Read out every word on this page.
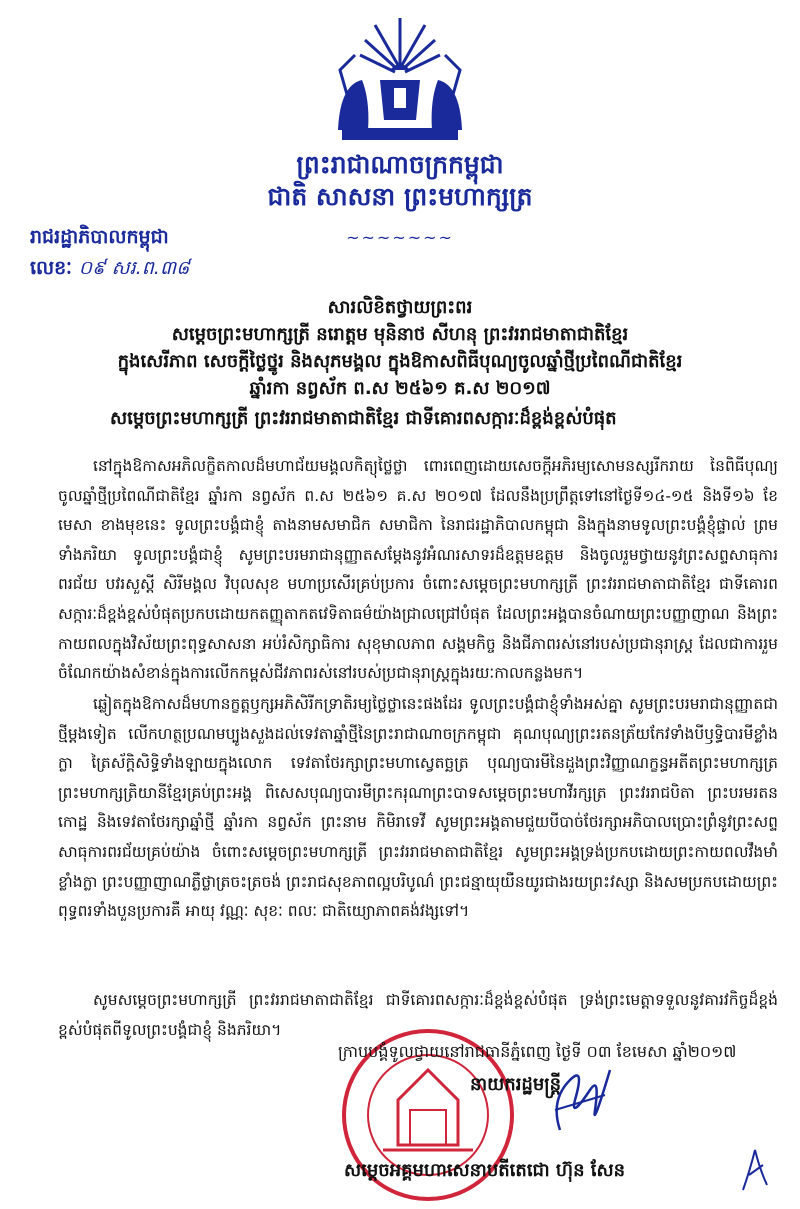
ព្រះរាជាណាចក្រកម្ពុជា
ជាតិ សាសនា ព្រះមហាក្សត្រ
~~~~~~~
រាជរដ្ឋាភិបាលកម្ពុជា
លេខៈ ០៩ សរ.ព.៣៨
សារលិខិតថ្វាយព្រះពរ
សម្តេចព្រះមហាក្សត្រី នរោត្តម មុនិនាថ សីហនុ ព្រះវររាជមាតាជាតិខ្មែរ
ក្នុងសេរីភាព សេចក្តីថ្លៃថ្នូរ និងសុភមង្គល ក្នុងឱកាសពិធីបុណ្យចូលឆ្នាំថ្មីប្រពៃណីជាតិខ្មែរ
ឆ្នាំរកា នព្វស័ក ព.ស ២៥៦១ គ.ស ២០១៧
សម្តេចព្រះមហាក្សត្រី ព្រះវររាជមាតាជាតិខ្មែរ ជាទីគោរពសក្ការៈដ៏ខ្ពង់ខ្ពស់បំផុត
នៅក្នុងឱកាសអភិលក្ខិតកាលដ៏មហាជ័យមង្គលកិត្យុថ្លៃថ្លា ពោរពេញដោយសេចក្តីអភិរម្យសោមនស្សរីករាយ នៃពិធីបុណ្យចូលឆ្នាំថ្មីប្រពៃណីជាតិខ្មែរ ឆ្នាំរកា នព្វស័ក ព.ស ២៥៦១ គ.ស ២០១៧ ដែលនឹងប្រព្រឹត្តទៅនៅថ្ងៃទី១៤-១៥ និងទី១៦ ខែមេសា ខាងមុខនេះ ទូលព្រះបង្គំជាខ្ញុំ តាងនាមសមាជិក សមាជិកា នៃរាជរដ្ឋាភិបាលកម្ពុជា និងក្នុងនាមទូលព្រះបង្គំខ្ញុំផ្ទាល់ ព្រមទាំងភរិយា ទូលព្រះបង្គំជាខ្ញុំ សូមព្រះបរមរាជានុញ្ញាតសម្តែងនូវអំណរសាទរដ៏ឧត្តមឧត្តម និងចូលរួមថ្វាយនូវព្រះសព្ទសាធុការពរជ័យ បវរសួស្តី សិរីមង្គល វិបុលសុខ មហាប្រសើរគ្រប់ប្រការ ចំពោះសម្តេចព្រះមហាក្សត្រី ព្រះវររាជមាតាជាតិខ្មែរ ជាទីគោរពសក្ការៈដ៏ខ្ពង់ខ្ពស់បំផុតប្រកបដោយកតញ្ញុតាកតវេទិតាធម៌យ៉ាងជ្រាលជ្រៅបំផុត ដែលព្រះអង្គបានចំណាយព្រះបញ្ញាញាណ និងព្រះកាយពលក្នុងវិស័យព្រះពុទ្ធសាសនា អប់រំសិក្សាធិការ សុខុមាលភាព សង្គមកិច្ច និងជីភាពរស់នៅរបស់ប្រជានុរាស្ត្រ ដែលជាការរួមចំណែកយ៉ាងសំខាន់ក្នុងការលើកកម្ពស់ជីវភាពរស់នៅរបស់ប្រជានុរាស្ត្រក្នុងរយៈកាលកន្លងមក។
ឆ្លៀតក្នុងឱកាសដ៏មហានក្ខត្តឫក្សអភិសិរីកទ្រាតិរម្យថ្លៃថ្លានេះផងដែរ ទូលព្រះបង្គំជាខ្ញុំទាំងអស់គ្នា សូមព្រះបរមរាជានុញ្ញាតជាថ្មីម្តងទៀត លើកហត្ថប្រណមប្បូងសួងដល់ទេវតាឆ្នាំថ្មីនៃព្រះរាជាណាចក្រកម្ពុជា គុណបុណ្យព្រះរតនត្រ័យកែវទាំងបីឫទ្ធិបារមីខ្លាំងក្លា ត្រៃស័ក្តិសិទ្ធិទាំងឡាយក្នុងលោក ទេវតាថែរក្សាព្រះមហាស្វេតច្ឆត្រ បុណ្យបារមីនៃដួងព្រះវិញ្ញាណក្ខន្ធអតីតព្រះមហាក្សត្រ ព្រះមហាក្សត្រិយានីខ្មែរគ្រប់ព្រះអង្គ ពិសេសបុណ្យបារមីព្រះករុណាព្រះបាទសម្តេចព្រះមហាវីរក្សត្រ ព្រះវររាជបិតា ព្រះបរមរតនកោដ្ឋ និងទេវតាថែរក្សាឆ្នាំថ្មី ឆ្នាំរកា នព្វស័ក ព្រះនាម កិមិរាទេវី សូមព្រះអង្គតាមជួយបីបាច់ថែរក្សាអភិបាលប្រោះព្រំនូវព្រះសព្ទសាធុការពរជ័យគ្រប់យ៉ាង ចំពោះសម្តេចព្រះមហាក្សត្រី ព្រះវររាជមាតាជាតិខ្មែរ សូមព្រះអង្គទ្រង់ប្រកបដោយព្រះកាយពលវឹងមាំខ្លាំងក្លា ព្រះបញ្ញាញាណភ្លឺថ្លាត្រចះត្រចង់ ព្រះរាជសុខភាពល្អបរិបូណ៌ ព្រះជន្មាយុយឺនយូរជាងរយព្រះវស្សា និងសមប្រកបដោយព្រះពុទ្ធពរទាំងបួនប្រការគឺ អាយុ វណ្ណៈ សុខៈ ពលៈ ជាតិយ្យោភាពគង់វង្សទៅ។
សូមសម្តេចព្រះមហាក្សត្រី ព្រះវររាជមាតាជាតិខ្មែរ ជាទីគោរពសក្ការៈដ៏ខ្ពង់ខ្ពស់បំផុត ទ្រង់ព្រះមេត្តាទទួលនូវគារវកិច្ចដ៏ខ្ពង់ខ្ពស់បំផុតពីទូលព្រះបង្គំជាខ្ញុំ និងភរិយា។
ក្រាបបង្គំទូលថ្វាយនៅរាជធានីភ្នំពេញ ថ្ងៃទី ០៣ ខែមេសា ឆ្នាំ២០១៧
នាយករដ្ឋមន្ត្រី
សម្តេចអគ្គមហាសេនាបតីតេជោ ហ៊ុន សែន
